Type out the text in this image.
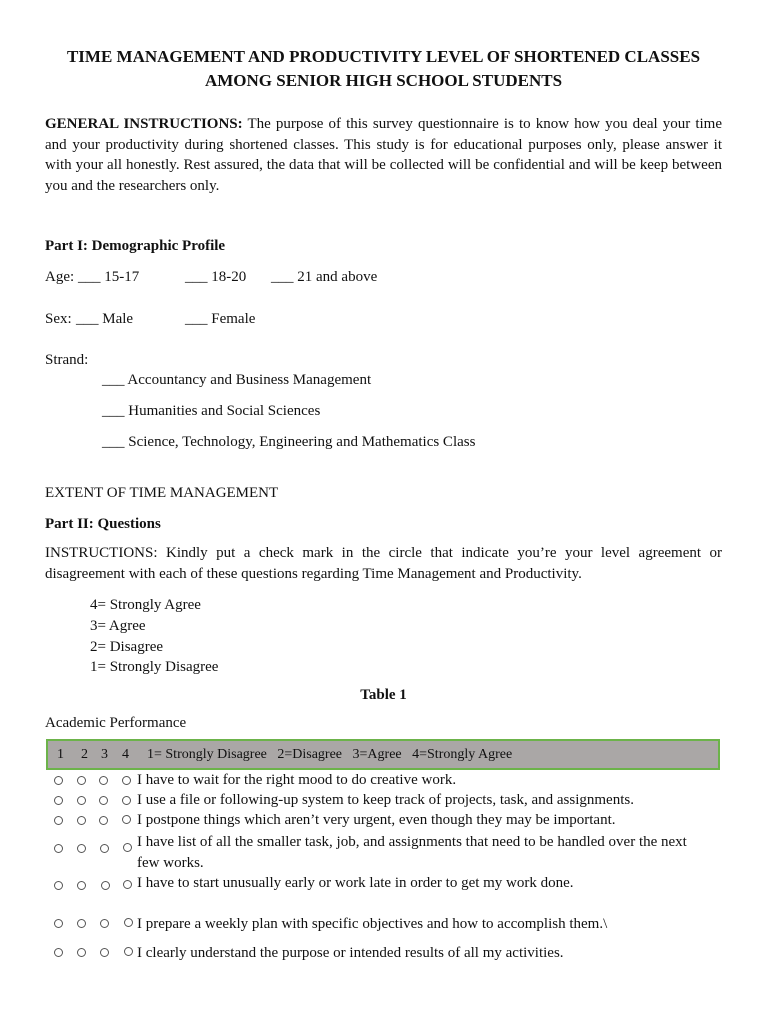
TIME MANAGEMENT AND PRODUCTIVITY LEVEL OF SHORTENED CLASSES
AMONG SENIOR HIGH SCHOOL STUDENTS
GENERAL INSTRUCTIONS: The purpose of this survey questionnaire is to know how you deal your time and your productivity during shortened classes. This study is for educational purposes only, please answer it with your all honestly. Rest assured, the data that will be collected will be confidential and will be keep between you and the researchers only.
Part I: Demographic Profile
Age: ___ 15-17	___ 18-20 ___ 21 and above
Sex: ___ Male	___ Female
Strand:
___ Accountancy and Business Management
___ Humanities and Social Sciences
___ Science, Technology, Engineering and Mathematics Class
EXTENT OF TIME MANAGEMENT
Part II: Questions
INSTRUCTIONS: Kindly put a check mark in the circle that indicate you’re your level agreement or disagreement with each of these questions regarding Time Management and Productivity.
4= Strongly Agree
3= Agree
2= Disagree
1= Strongly Disagree
Table 1
Academic Performance
1 2 3 4 1= Strongly Disagree   2=Disagree   3=Agree   4=Strongly Agree
I have to wait for the right mood to do creative work.
I use a file or following-up system to keep track of projects, task, and assignments.
I postpone things which aren’t very urgent, even though they may be important.
I have list of all the smaller task, job, and assignments that need to be handled over the next few works.
I have to start unusually early or work late in order to get my work done.
I prepare a weekly plan with specific objectives and how to accomplish them.\
I clearly understand the purpose or intended results of all my activities.
